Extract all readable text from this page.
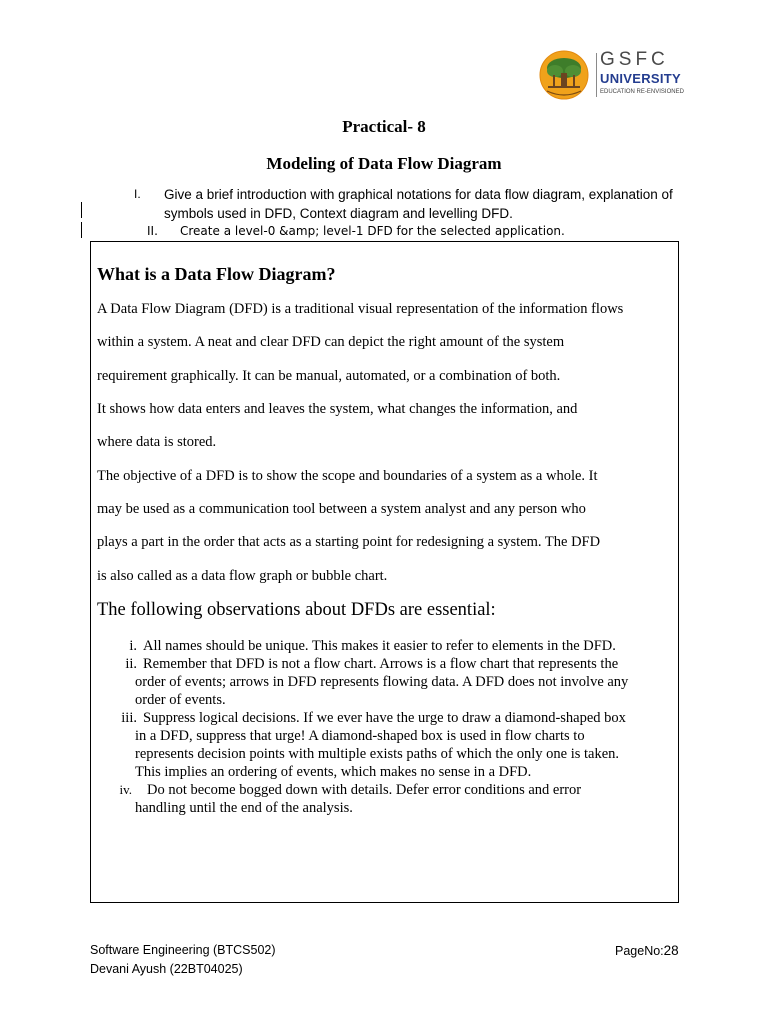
GSFC
UNIVERSITY
EDUCATION RE-ENVISIONED
Practical- 8
Modeling of Data Flow Diagram
I. Give a brief introduction with graphical notations for data flow diagram, explanation of symbols used in DFD, Context diagram and levelling DFD.
II. Create a level-0 &amp; level-1 DFD for the selected application.
What is a Data Flow Diagram?
A Data Flow Diagram (DFD) is a traditional visual representation of the information flows
within a system. A neat and clear DFD can depict the right amount of the system
requirement graphically. It can be manual, automated, or a combination of both.
It shows how data enters and leaves the system, what changes the information, and
where data is stored.
The objective of a DFD is to show the scope and boundaries of a system as a whole. It
may be used as a communication tool between a system analyst and any person who
plays a part in the order that acts as a starting point for redesigning a system. The DFD
is also called as a data flow graph or bubble chart.
The following observations about DFDs are essential:
i. All names should be unique. This makes it easier to refer to elements in the DFD.
ii. Remember that DFD is not a flow chart. Arrows is a flow chart that represents the
order of events; arrows in DFD represents flowing data. A DFD does not involve any
order of events.
iii. Suppress logical decisions. If we ever have the urge to draw a diamond-shaped box
in a DFD, suppress that urge! A diamond-shaped box is used in flow charts to
represents decision points with multiple exists paths of which the only one is taken.
This implies an ordering of events, which makes no sense in a DFD.
iv. Do not become bogged down with details. Defer error conditions and error
handling until the end of the analysis.
Software Engineering (BTCS502)
Devani Ayush (22BT04025)
PageNo:28
